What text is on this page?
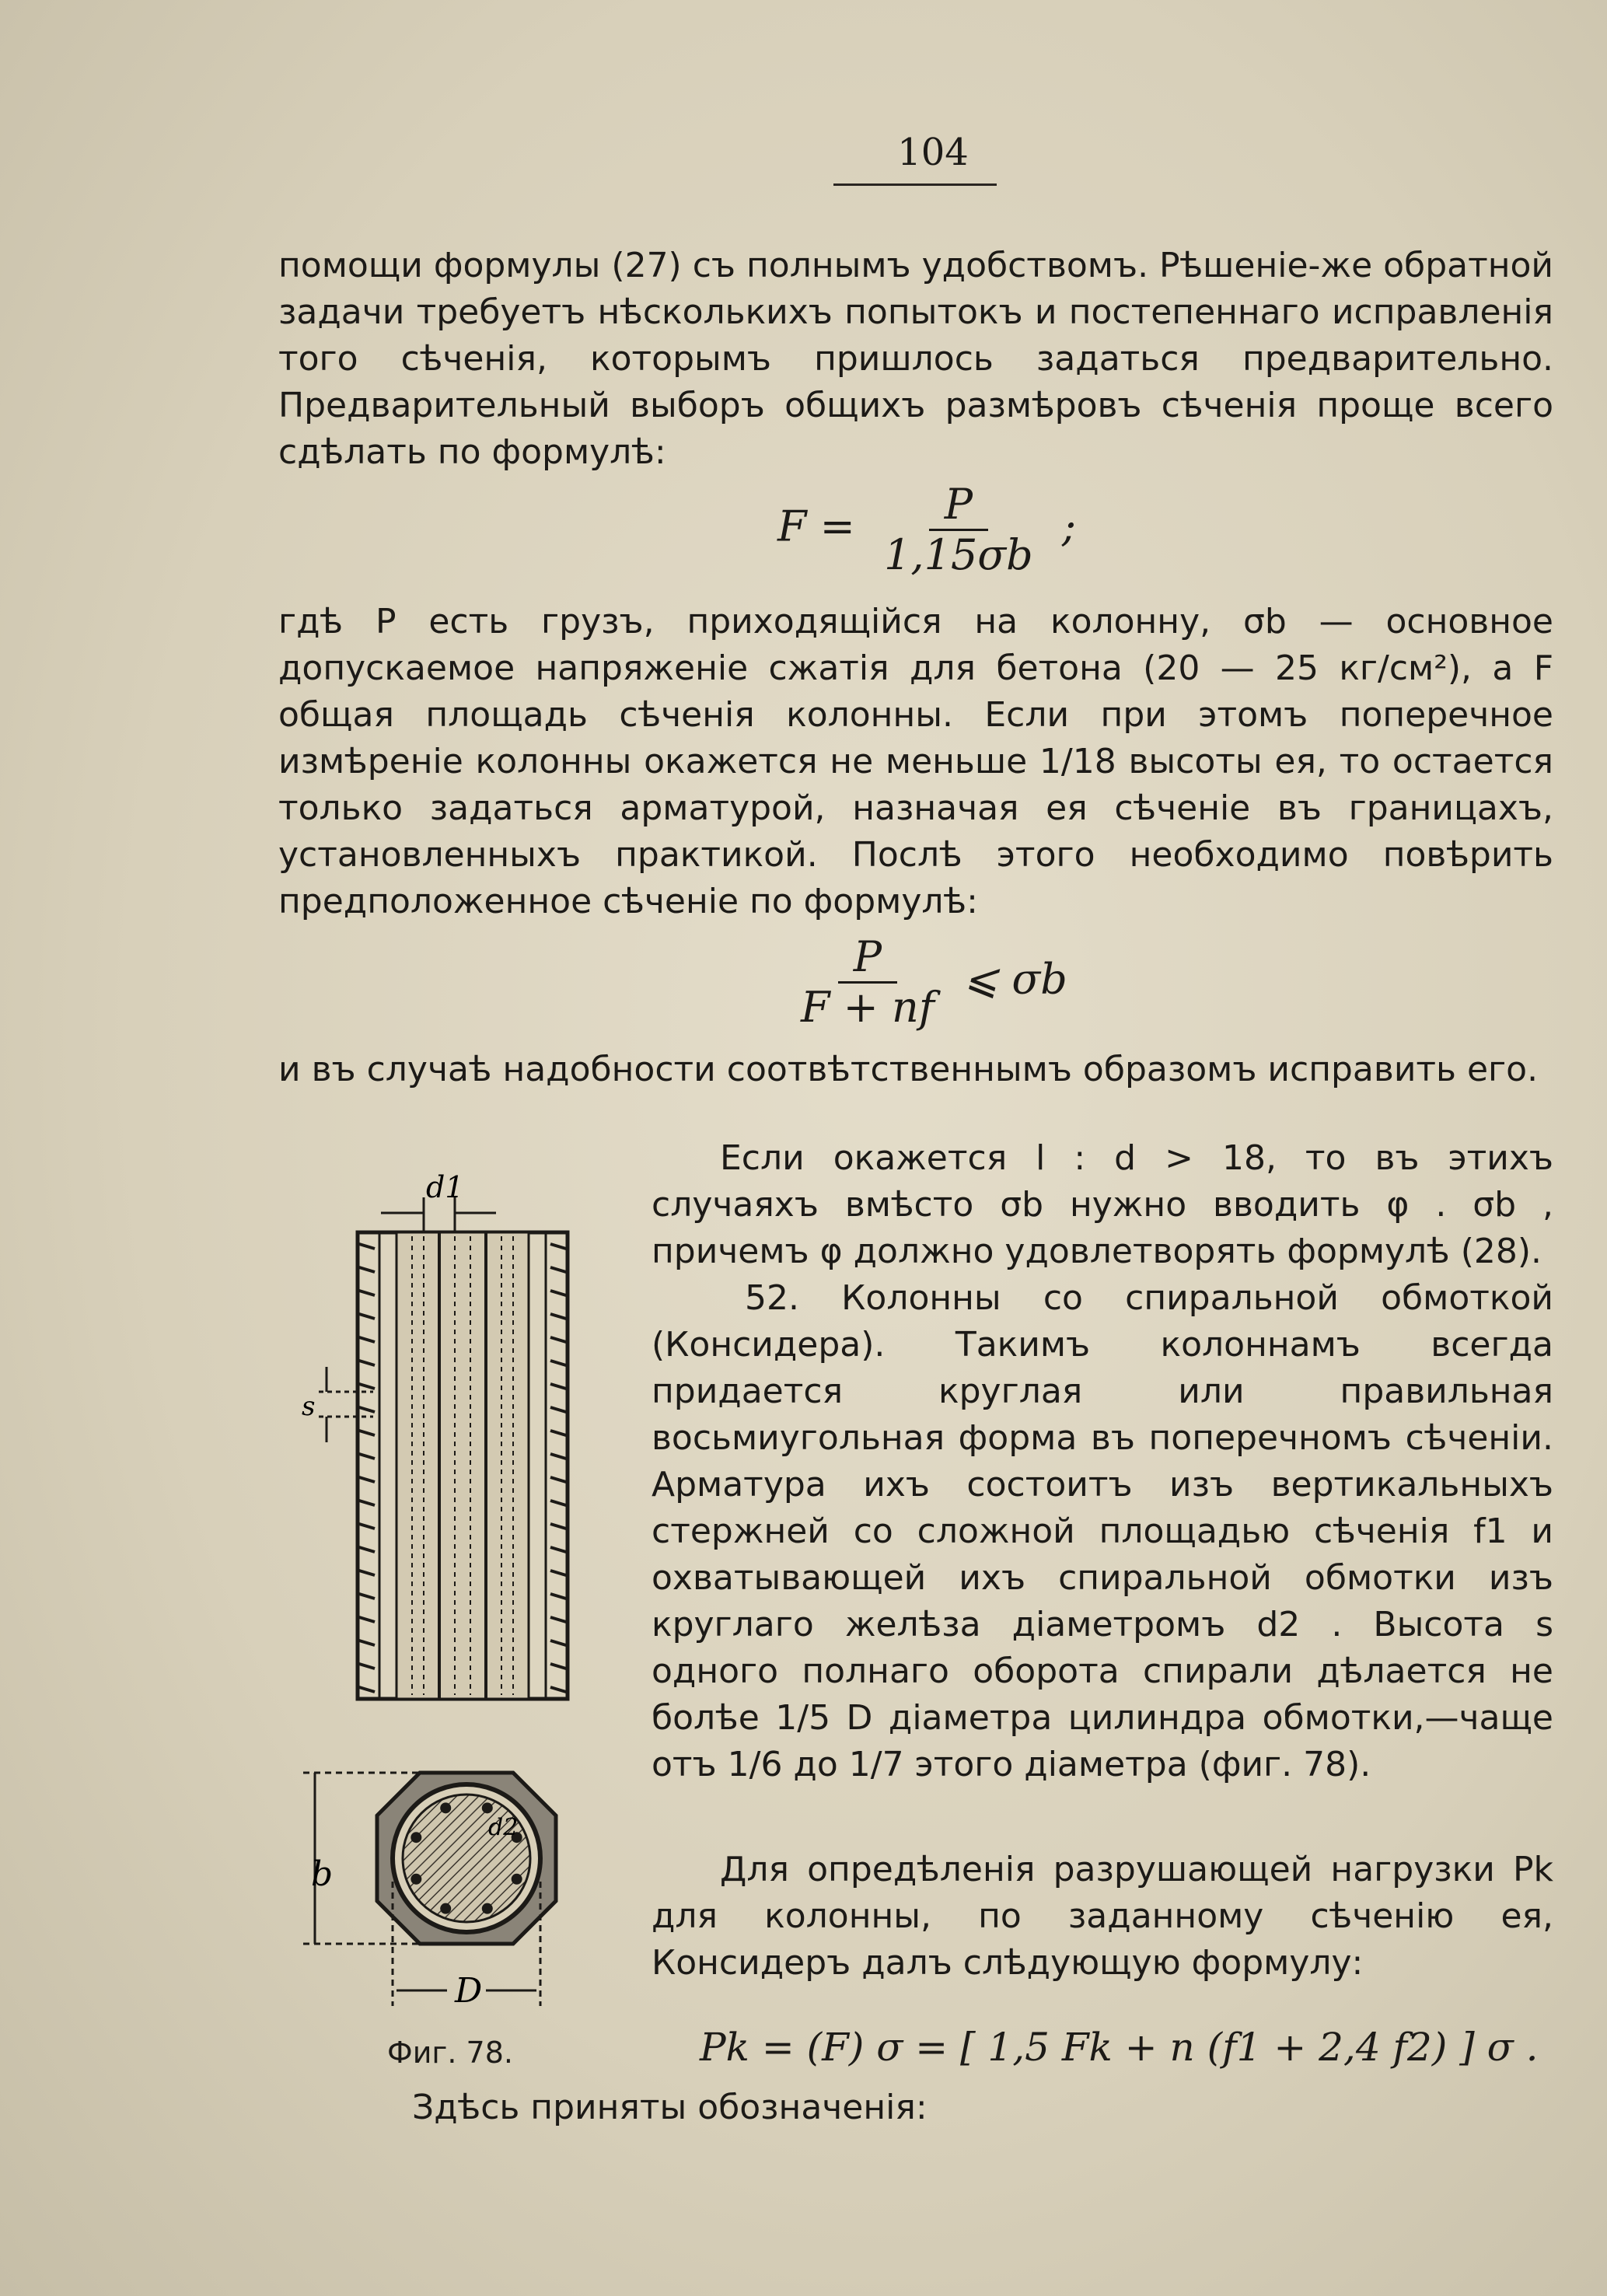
104
помощи формулы (27) съ полнымъ удобствомъ. Рѣшеніе-же обратной задачи требуетъ нѣсколькихъ попытокъ и постепеннаго исправленія того сѣченія, которымъ пришлось задаться предварительно. Предварительный выборъ общихъ размѣровъ сѣченія проще всего сдѣлать по формулѣ:
$F = \frac{P}{1,15\sigma b}$ ;
гдѣ P есть грузъ, приходящійся на колонну, σb — основное допускаемое напряженіе сжатія для бетона (20 — 25 кг/см²), а F общая площадь сѣченія колонны. Если при этомъ поперечное измѣреніе колонны окажется не меньше 1/18 высоты ея, то остается только задаться арматурой, назначая ея сѣченіе въ границахъ, установленныхъ практикой. Послѣ этого необходимо повѣрить предположенное сѣченіе по формулѣ:
$\frac{P}{F + nf}$ ⩽ σb
и въ случаѣ надобности соотвѣтственнымъ образомъ исправить его.
Если окажется l : d > 18, то въ этихъ случаяхъ вмѣсто σb нужно вводить φ . σb , причемъ φ должно удовлетворять формулѣ (28).
52. Колонны со спиральной обмоткой (Консидера). Такимъ колоннамъ всегда придается круглая или правильная восьмиугольная форма въ поперечномъ сѣченіи. Арматура ихъ состоитъ изъ вертикальныхъ стержней со сложной площадью сѣченія f1 и охватывающей ихъ спиральной обмотки изъ круглаго желѣза діаметромъ d2 . Высота s одного полнаго оборота спирали дѣлается не болѣе 1/5 D діаметра цилиндра обмотки,—чаще отъ 1/6 до 1/7 этого діаметра (фиг. 78).
Для опредѣленія разрушающей нагрузки Pk для колонны, по заданному сѣченію ея, Консидеръ далъ слѣдующую формулу:
d1
s
d2
b
D
Фиг. 78.	Pk = (F) σ = [ 1,5 Fk + n (f1 + 2,4 f2) ] σ .
Здѣсь приняты обозначенія:
